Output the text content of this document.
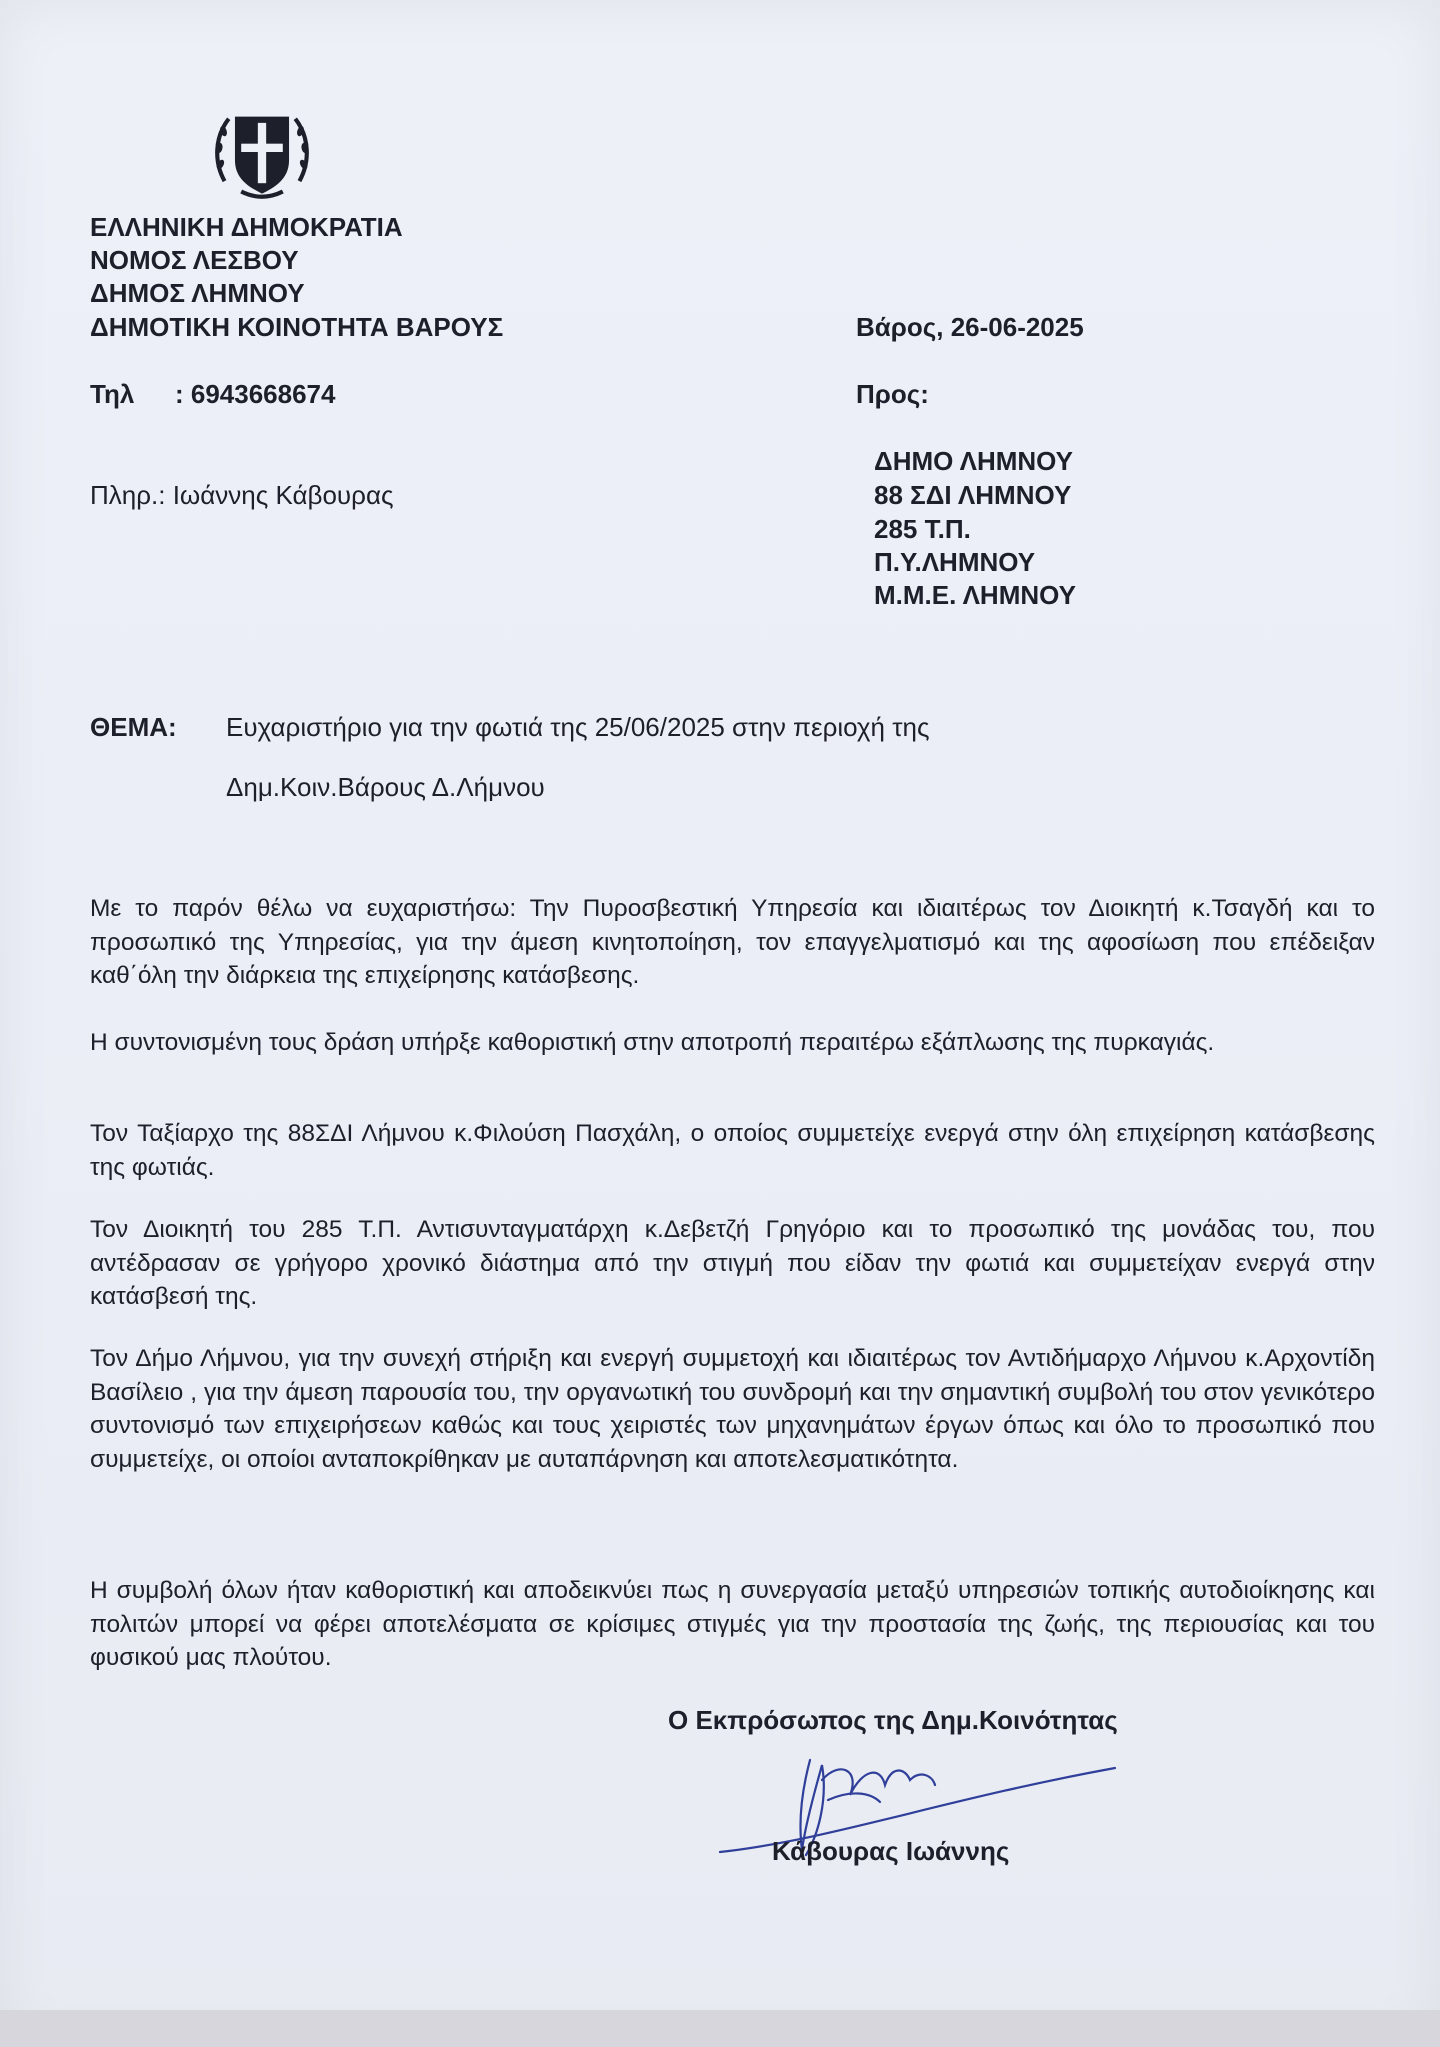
ΕΛΛΗΝΙΚΗ ΔΗΜΟΚΡΑΤΙΑ

ΝΟΜΟΣ ΛΕΣΒΟΥ

ΔΗΜΟΣ ΛΗΜΝΟΥ

ΔΗΜΟΤΙΚΗ ΚΟΙΝΟΤΗΤΑ ΒΑΡΟΥΣ	Βάρος, 26-06-2025

Τηλ : 6943668674	Προς:

Πληρ.: Ιωάννης Κάβουρας

ΔΗΜΟ ΛΗΜΝΟΥ

88 ΣΔΙ ΛΗΜΝΟΥ

285 Τ.Π.

Π.Υ.ΛΗΜΝΟΥ

Μ.Μ.Ε. ΛΗΜΝΟΥ

ΘΕΜΑ: Ευχαριστήριο για την φωτιά της 25/06/2025 στην περιοχή της

Δημ.Κοιν.Βάρους Δ.Λήμνου

Με το παρόν θέλω να ευχαριστήσω: Την Πυροσβεστική Υπηρεσία και ιδιαιτέρως τον Διοικητή κ.Τσαγδή και το προσωπικό της Υπηρεσίας, για την άμεση κινητοποίηση, τον επαγγελματισμό και της αφοσίωση που επέδειξαν καθ΄όλη την διάρκεια της επιχείρησης κατάσβεσης.

Η συντονισμένη τους δράση υπήρξε καθοριστική στην αποτροπή περαιτέρω εξάπλωσης της πυρκαγιάς.

Τον Ταξίαρχο της 88ΣΔΙ Λήμνου κ.Φιλούση Πασχάλη, ο οποίος συμμετείχε ενεργά στην όλη επιχείρηση κατάσβεσης της φωτιάς.

Τον Διοικητή του 285 Τ.Π. Αντισυνταγματάρχη κ.Δεβετζή Γρηγόριο και το προσωπικό της μονάδας του, που αντέδρασαν σε γρήγορο χρονικό διάστημα από την στιγμή που είδαν την φωτιά και συμμετείχαν ενεργά στην κατάσβεσή της.

Τον Δήμο Λήμνου, για την συνεχή στήριξη και ενεργή συμμετοχή και ιδιαιτέρως τον Αντιδήμαρχο Λήμνου κ.Αρχοντίδη Βασίλειο , για την άμεση παρουσία του, την οργανωτική του συνδρομή και την σημαντική συμβολή του στον γενικότερο συντονισμό των επιχειρήσεων καθώς και τους χειριστές των μηχανημάτων έργων όπως και όλο το προσωπικό που συμμετείχε, οι οποίοι ανταποκρίθηκαν με αυταπάρνηση και αποτελεσματικότητα.

Η συμβολή όλων ήταν καθοριστική και αποδεικνύει πως η συνεργασία μεταξύ υπηρεσιών τοπικής αυτοδιοίκησης και πολιτών μπορεί να φέρει αποτελέσματα σε κρίσιμες στιγμές για την προστασία της ζωής, της περιουσίας και του φυσικού μας πλούτου.

Ο Εκπρόσωπος της Δημ.Κοινότητας

Κάβουρας Ιωάννης
